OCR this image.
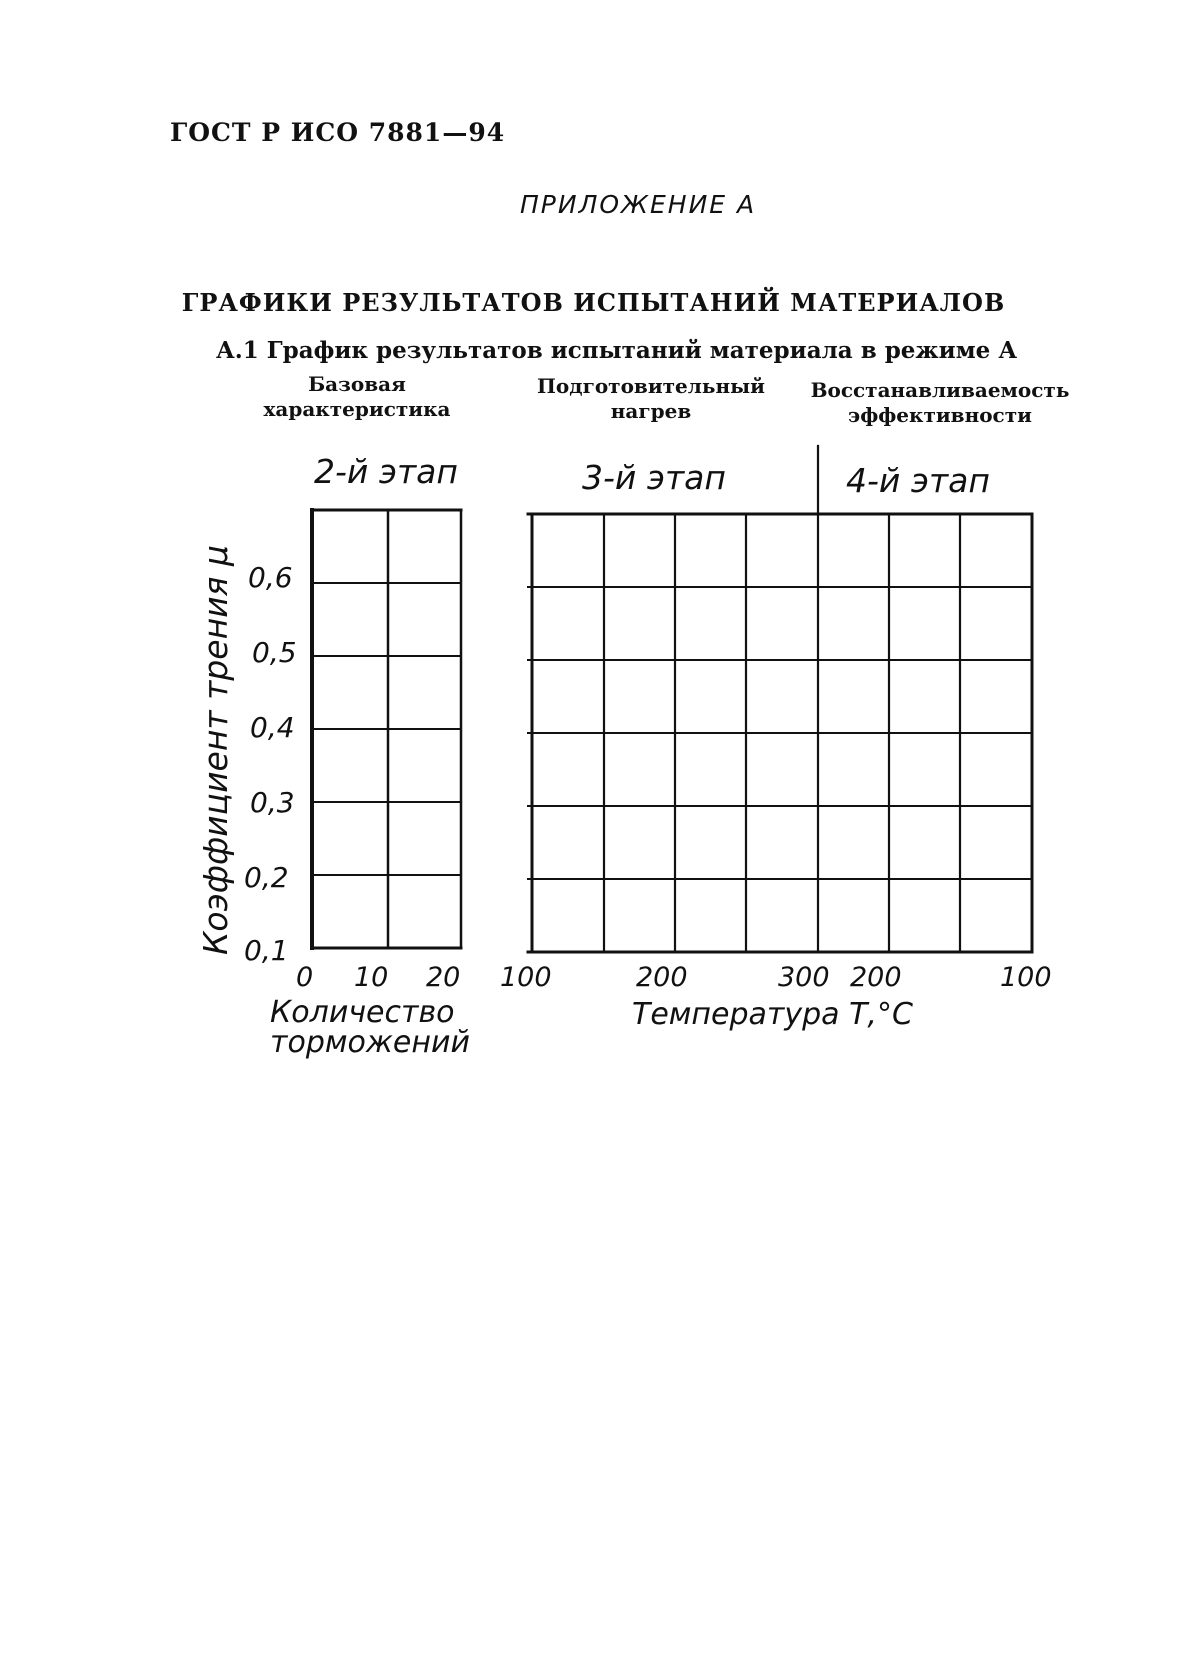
ГОСТ Р ИСО 7881—94
ПРИЛОЖЕНИЕ А
ГРАФИКИ РЕЗУЛЬТАТОВ ИСПЫТАНИЙ МАТЕРИАЛОВ
А.1 График результатов испытаний материала в режиме А
Базовая
характеристика
Подготовительный
нагрев
Восстанавливаемость
эффективности
2-й этап	3-й этап	4-й этап
Коэффициент трения μ 0,6
0,5
0,4
0,3
0,2
0,1
0 10 20 100	200	300 200	100
Количество
торможений
Температура Т,°С
